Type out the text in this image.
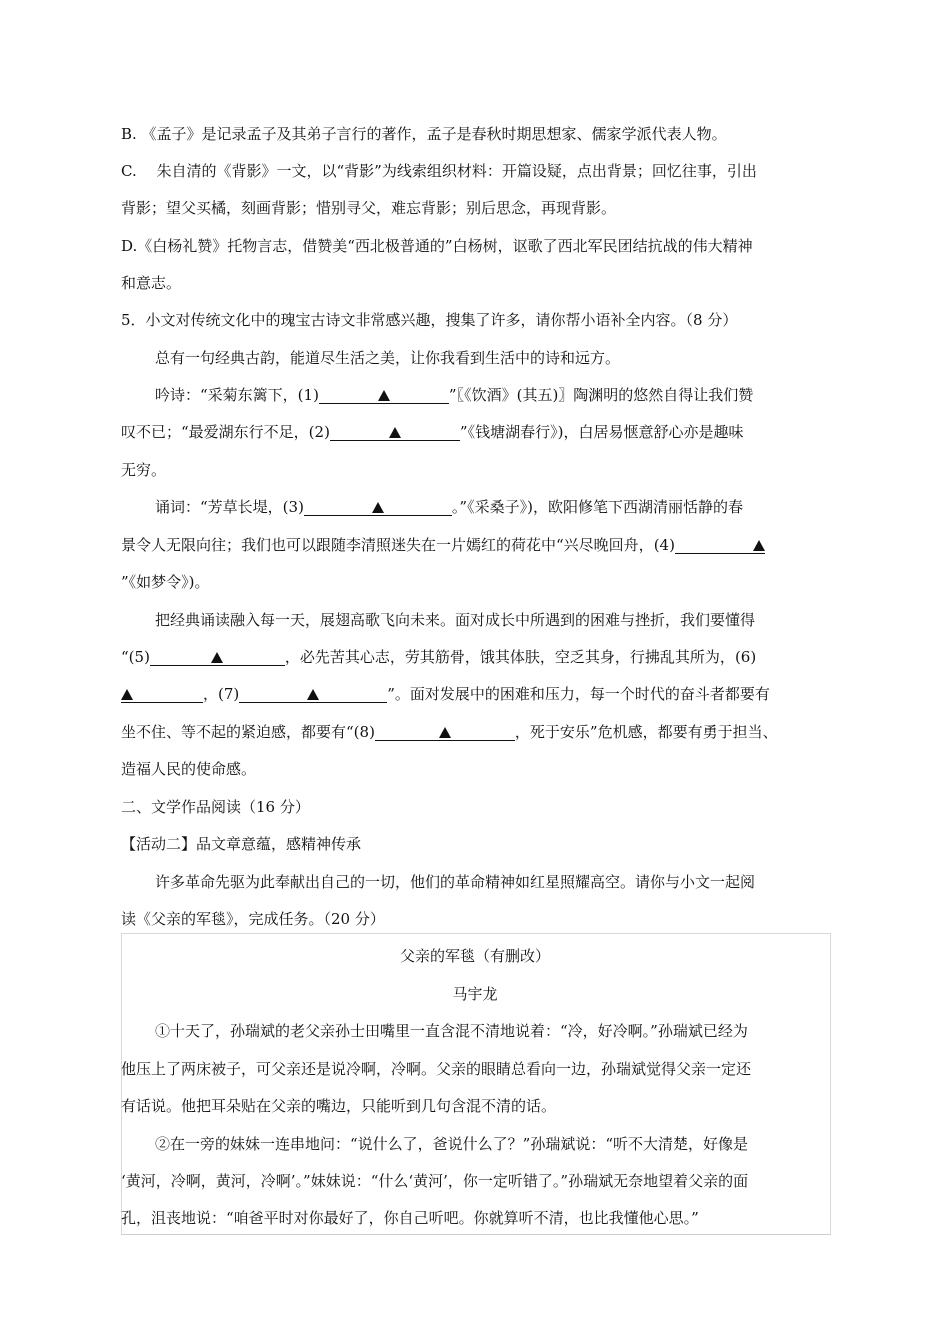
B. 《孟子》是记录孟子及其弟子言行的著作，孟子是春秋时期思想家、儒家学派代表人物。
C.　 朱自清的《背影》一文，以“背影”为线索组织材料：开篇设疑，点出背景；回忆往事，引出
背影；望父买橘，刻画背影；惜别寻父，难忘背影；别后思念，再现背影。
D.《白杨礼赞》托物言志，借赞美“西北极普通的”白杨树，讴歌了西北军民团结抗战的伟大精神
和意志。
5．小文对传统文化中的瑰宝古诗文非常感兴趣，搜集了许多，请你帮小语补全内容。（8 分）
总有一句经典古韵，能道尽生活之美，让你我看到生活中的诗和远方。
吟诗：“采菊东篱下，(1)	”〖《饮酒》(其五)〗陶渊明的悠然自得让我们赞
叹不已；“最爱湖东行不足，(2)	”《钱塘湖春行》)，白居易惬意舒心亦是趣味
无穷。
诵词：“芳草长堤，(3)	。”《采桑子》)，欧阳修笔下西湖清丽恬静的春
景令人无限向往；我们也可以跟随李清照迷失在一片嫣红的荷花中“兴尽晚回舟，(4)
”《如梦令》)。
把经典诵读融入每一天，展翅高歌飞向未来。面对成长中所遇到的困难与挫折，我们要懂得
“(5)	，必先苦其心志，劳其筋骨，饿其体肤，空乏其身，行拂乱其所为，(6)
，(7)	”。面对发展中的困难和压力，每一个时代的奋斗者都要有
坐不住、等不起的紧迫感，都要有“(8)	，死于安乐”危机感，都要有勇于担当、
造福人民的使命感。
二、文学作品阅读（16 分）
【活动二】品文章意蕴，感精神传承
许多革命先驱为此奉献出自己的一切，他们的革命精神如红星照耀高空。请你与小文一起阅
读《父亲的军毯》，完成任务。（20 分）
父亲的军毯（有删改）
马宇龙
①十天了，孙瑞斌的老父亲孙士田嘴里一直含混不清地说着：“冷，好冷啊。”孙瑞斌已经为
他压上了两床被子，可父亲还是说冷啊，冷啊。父亲的眼睛总看向一边，孙瑞斌觉得父亲一定还
有话说。他把耳朵贴在父亲的嘴边，只能听到几句含混不清的话。
②在一旁的妹妹一连串地问：“说什么了，爸说什么了？”孙瑞斌说：“听不大清楚，好像是
‘黄河，冷啊，黄河，冷啊’。”妹妹说：“什么‘黄河’，你一定听错了。”孙瑞斌无奈地望着父亲的面
孔，沮丧地说：“咱爸平时对你最好了，你自己听吧。你就算听不清，也比我懂他心思。”
